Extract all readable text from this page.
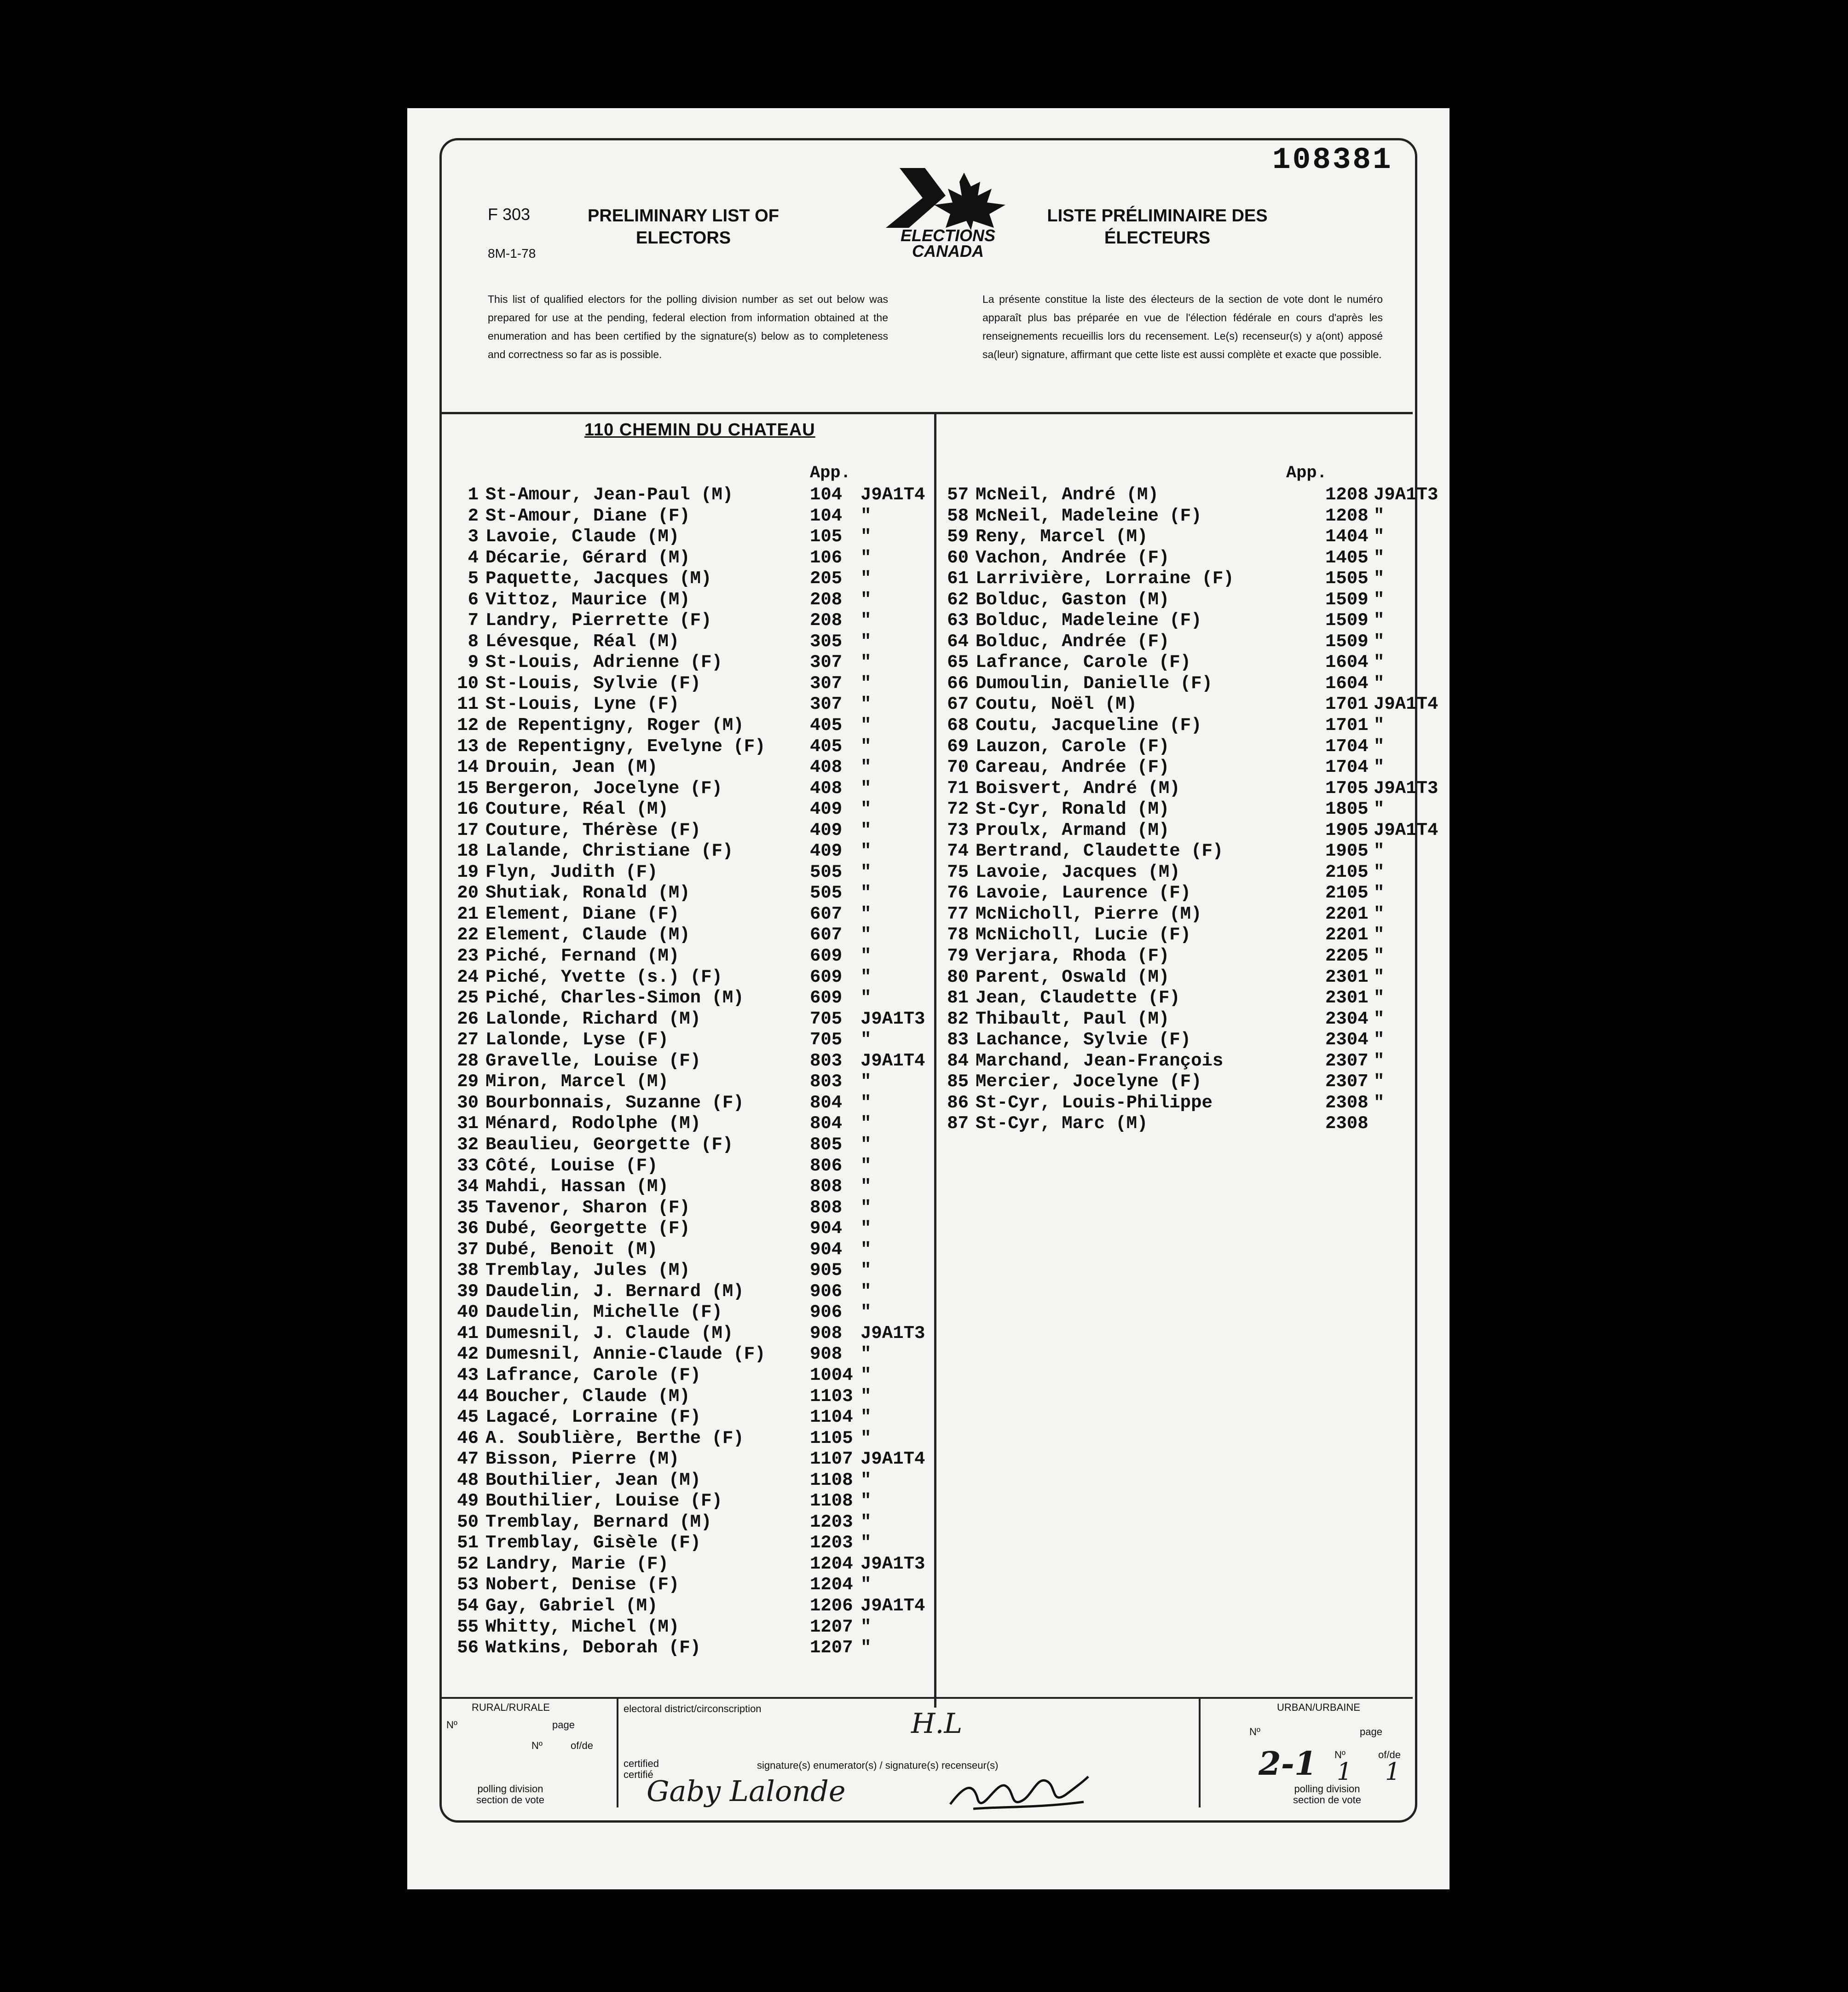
108381
F 303
8M-1-78
PRELIMINARY LIST OF
ELECTORS	ELECTIONS
CANADA
LISTE PRÉLIMINAIRE DES
ÉLECTEURS
This list of qualified electors for the polling division number as set out below was prepared for use at the pending, federal election from information obtained at the enumeration and has been certified by the signature(s) below as to completeness and correctness so far as is possible.
La présente constitue la liste des électeurs de la section de vote dont le numéro apparaît plus bas préparée en vue de l'élection fédérale en cours d'après les renseignements recueillis lors du recensement. Le(s) recenseur(s) y a(ont) apposé sa(leur) signature, affirmant que cette liste est aussi complète et exacte que possible.
110 CHEMIN DU CHATEAU
App.	App.
1 St-Amour, Jean-Paul (M)	104 J9A1T4
2 St-Amour, Diane (F)	104 "
3 Lavoie, Claude (M)	105 "
4 Décarie, Gérard (M)	106 "
5 Paquette, Jacques (M)	205 "
6 Vittoz, Maurice (M)	208 "
7 Landry, Pierrette (F)	208 "
8 Lévesque, Réal (M)	305 "
9 St-Louis, Adrienne (F)	307 "
10 St-Louis, Sylvie (F)	307 "
11 St-Louis, Lyne (F)	307 "
12 de Repentigny, Roger (M)	405 "
13 de Repentigny, Evelyne (F) 405 "
14 Drouin, Jean (M)	408 "
15 Bergeron, Jocelyne (F)	408 "
16 Couture, Réal (M)	409 "
17 Couture, Thérèse (F)	409 "
18 Lalande, Christiane (F)	409 "
19 Flyn, Judith (F)	505 "
20 Shutiak, Ronald (M)	505 "
21 Element, Diane (F)	607 "
22 Element, Claude (M)	607 "
23 Piché, Fernand (M)	609 "
24 Piché, Yvette (s.) (F)	609 "
25 Piché, Charles-Simon (M)	609 "
26 Lalonde, Richard (M)	705 J9A1T3
27 Lalonde, Lyse (F)	705 "
28 Gravelle, Louise (F)	803 J9A1T4
29 Miron, Marcel (M)	803 "
30 Bourbonnais, Suzanne (F)	804 "
31 Ménard, Rodolphe (M)	804 "
32 Beaulieu, Georgette (F)	805 "
33 Côté, Louise (F)	806 "
34 Mahdi, Hassan (M)	808 "
35 Tavenor, Sharon (F)	808 "
36 Dubé, Georgette (F)	904 "
37 Dubé, Benoit (M)	904 "
38 Tremblay, Jules (M)	905 "
39 Daudelin, J. Bernard (M)	906 "
40 Daudelin, Michelle (F)	906 "
41 Dumesnil, J. Claude (M)	908 J9A1T3
42 Dumesnil, Annie-Claude (F) 908 "
43 Lafrance, Carole (F)	1004 "
44 Boucher, Claude (M)	1103 "
45 Lagacé, Lorraine (F)	1104 "
46 A. Soublière, Berthe (F)	1105 "
47 Bisson, Pierre (M)	1107 J9A1T4
48 Bouthilier, Jean (M)	1108 "
49 Bouthilier, Louise (F)	1108 "
50 Tremblay, Bernard (M)	1203 "
51 Tremblay, Gisèle (F)	1203 "
52 Landry, Marie (F)	1204 J9A1T3
53 Nobert, Denise (F)	1204 "
54 Gay, Gabriel (M)	1206 J9A1T4
55 Whitty, Michel (M)	1207 "
56 Watkins, Deborah (F)	1207 "
57 McNeil, André (M)	1208 J9A1T3
58 McNeil, Madeleine (F)	1208 "
59 Reny, Marcel (M)	1404 "
60 Vachon, Andrée (F)	1405 "
61 Larrivière, Lorraine (F)	1505 "
62 Bolduc, Gaston (M)	1509 "
63 Bolduc, Madeleine (F)	1509 "
64 Bolduc, Andrée (F)	1509 "
65 Lafrance, Carole (F)	1604 "
66 Dumoulin, Danielle (F)	1604 "
67 Coutu, Noël (M)	1701 J9A1T4
68 Coutu, Jacqueline (F)	1701 "
69 Lauzon, Carole (F)	1704 "
70 Careau, Andrée (F)	1704 "
71 Boisvert, André (M)	1705 J9A1T3
72 St-Cyr, Ronald (M)	1805 "
73 Proulx, Armand (M)	1905 J9A1T4
74 Bertrand, Claudette (F)	1905 "
75 Lavoie, Jacques (M)	2105 "
76 Lavoie, Laurence (F)	2105 "
77 McNicholl, Pierre (M)	2201 "
78 McNicholl, Lucie (F)	2201 "
79 Verjara, Rhoda (F)	2205 "
80 Parent, Oswald (M)	2301 "
81 Jean, Claudette (F)	2301 "
82 Thibault, Paul (M)	2304 "
83 Lachance, Sylvie (F)	2304 "
84 Marchand, Jean-François	2307 "
85 Mercier, Jocelyne (F)	2307 "
86 St-Cyr, Louis-Philippe	2308 "
87 St-Cyr, Marc (M)	2308
RURAL/RURALE
Nº	page
Nº	of/de
polling division
section de vote
electoral district/circonscription	H.L
certified
certifié
signature(s) enumerator(s) / signature(s) recenseur(s)
Gaby Lalonde
URBAN/URBAINE
Nº	page
2-1 Nº
1
of/de
1
polling division
section de vote
